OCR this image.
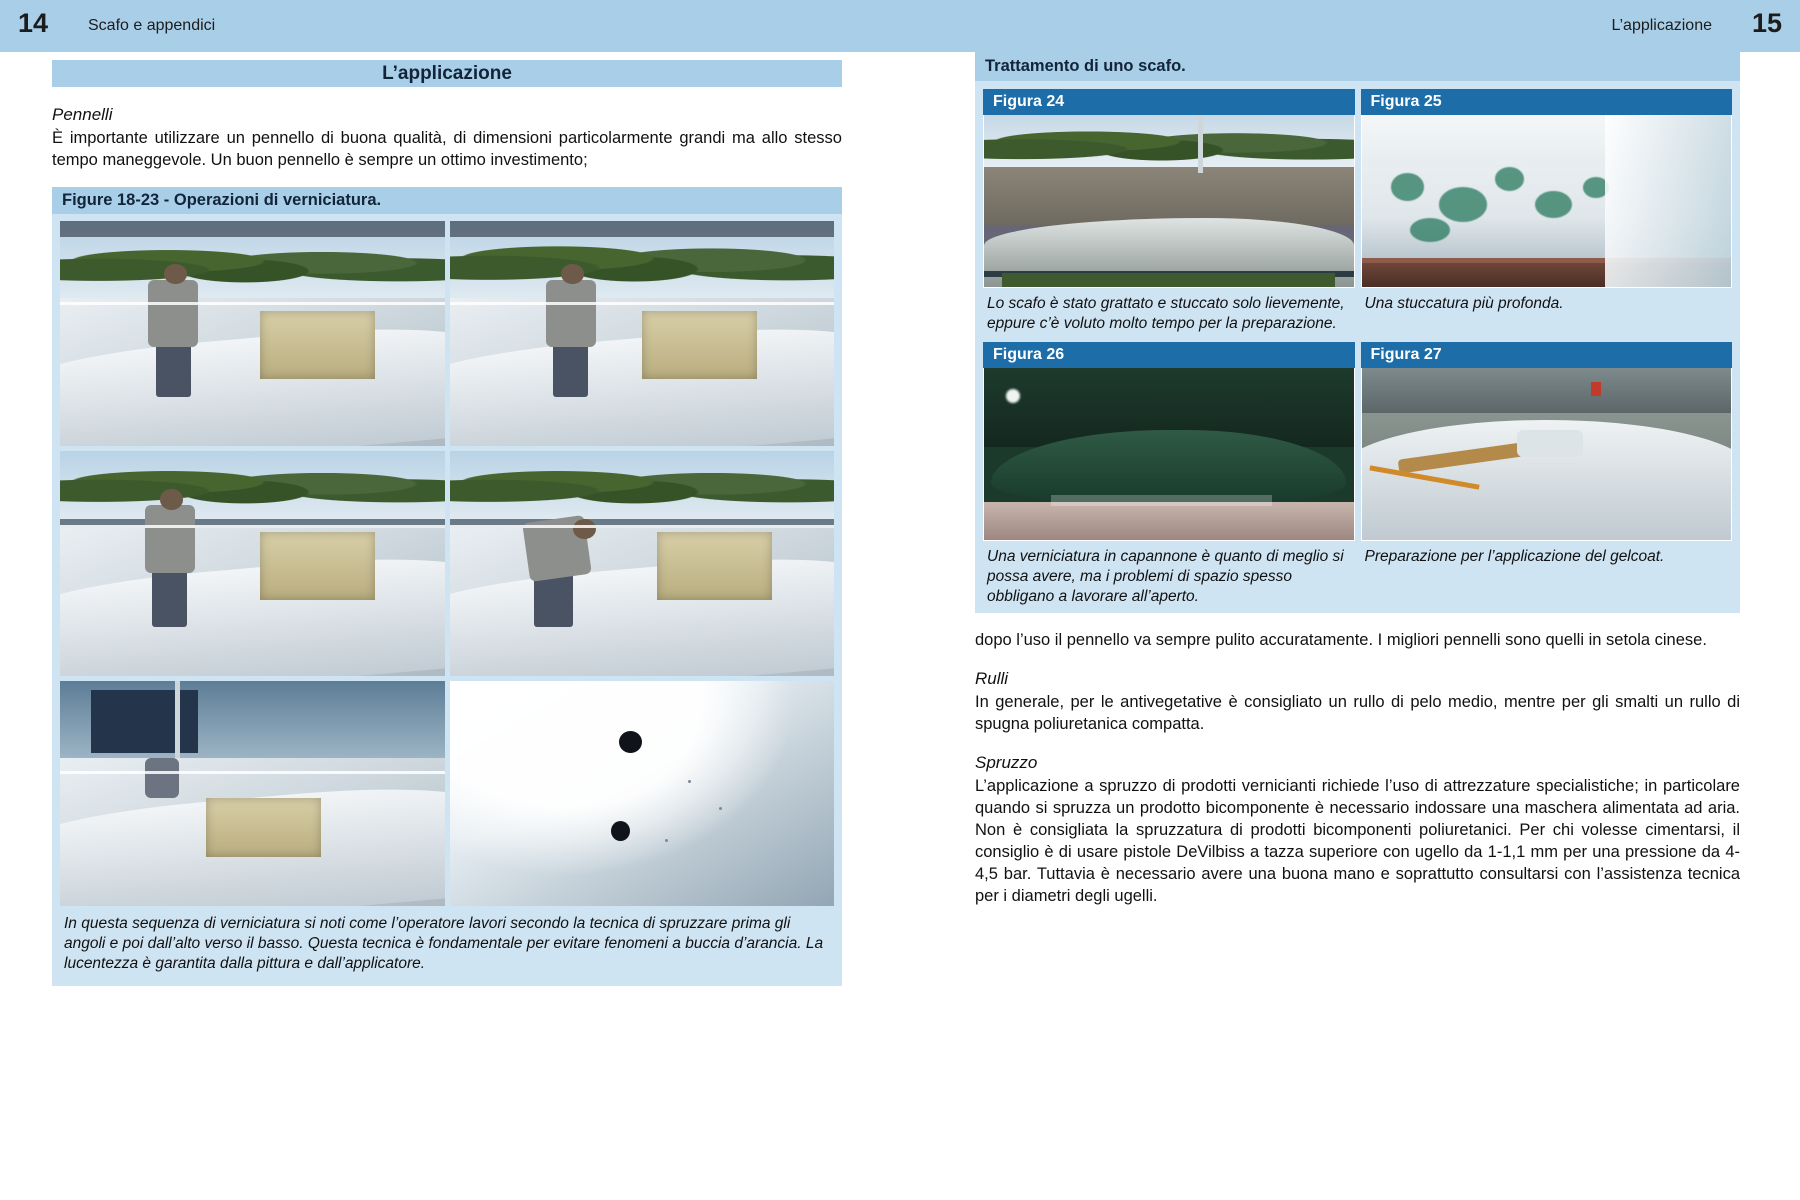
14 Scafo e appendici	15
L’applicazione
L’applicazione
Pennelli

È importante utilizzare un pennello di buona qualità, di dimensioni particolarmente grandi ma allo stesso tempo maneggevole. Un buon pennello è sempre un ottimo investimento;

Figure 18-23 - Operazioni di verniciatura.
In questa sequenza di verniciatura si noti come l’operatore lavori secondo la tecnica di spruzzare prima gli angoli e poi dall’alto verso il basso. Questa tecnica è fondamentale per evitare fenomeni a buccia d’arancia. La lucentezza è garantita dalla pittura e dall’applicatore.
Trattamento di uno scafo.
Figura 24
Lo scafo è stato grattato e stuccato solo lievemente, eppure c’è voluto molto tempo per la preparazione.
Figura 25
Una stuccatura più profonda.
Figura 26
Una verniciatura in capannone è quanto di meglio si possa avere, ma i problemi di spazio spesso obbligano a lavorare all’aperto.
Figura 27
Preparazione per l’applicazione del gelcoat.

dopo l’uso il pennello va sempre pulito accuratamente. I migliori pennelli sono quelli in setola cinese.

Rulli

In generale, per le antivegetative è consigliato un rullo di pelo medio, mentre per gli smalti un rullo di spugna poliuretanica compatta.

Spruzzo

L’applicazione a spruzzo di prodotti vernicianti richiede l’uso di attrezzature specialistiche; in particolare quando si spruzza un prodotto bicomponente è necessario indossare una maschera alimentata ad aria. Non è consigliata la spruzzatura di prodotti bicomponenti poliuretanici. Per chi volesse cimentarsi, il consiglio è di usare pistole DeVilbiss a tazza superiore con ugello da 1-1,1 mm per una pressione da 4-4,5 bar. Tuttavia è necessario avere una buona mano e soprattutto consultarsi con l’assistenza tecnica per i diametri degli ugelli.
